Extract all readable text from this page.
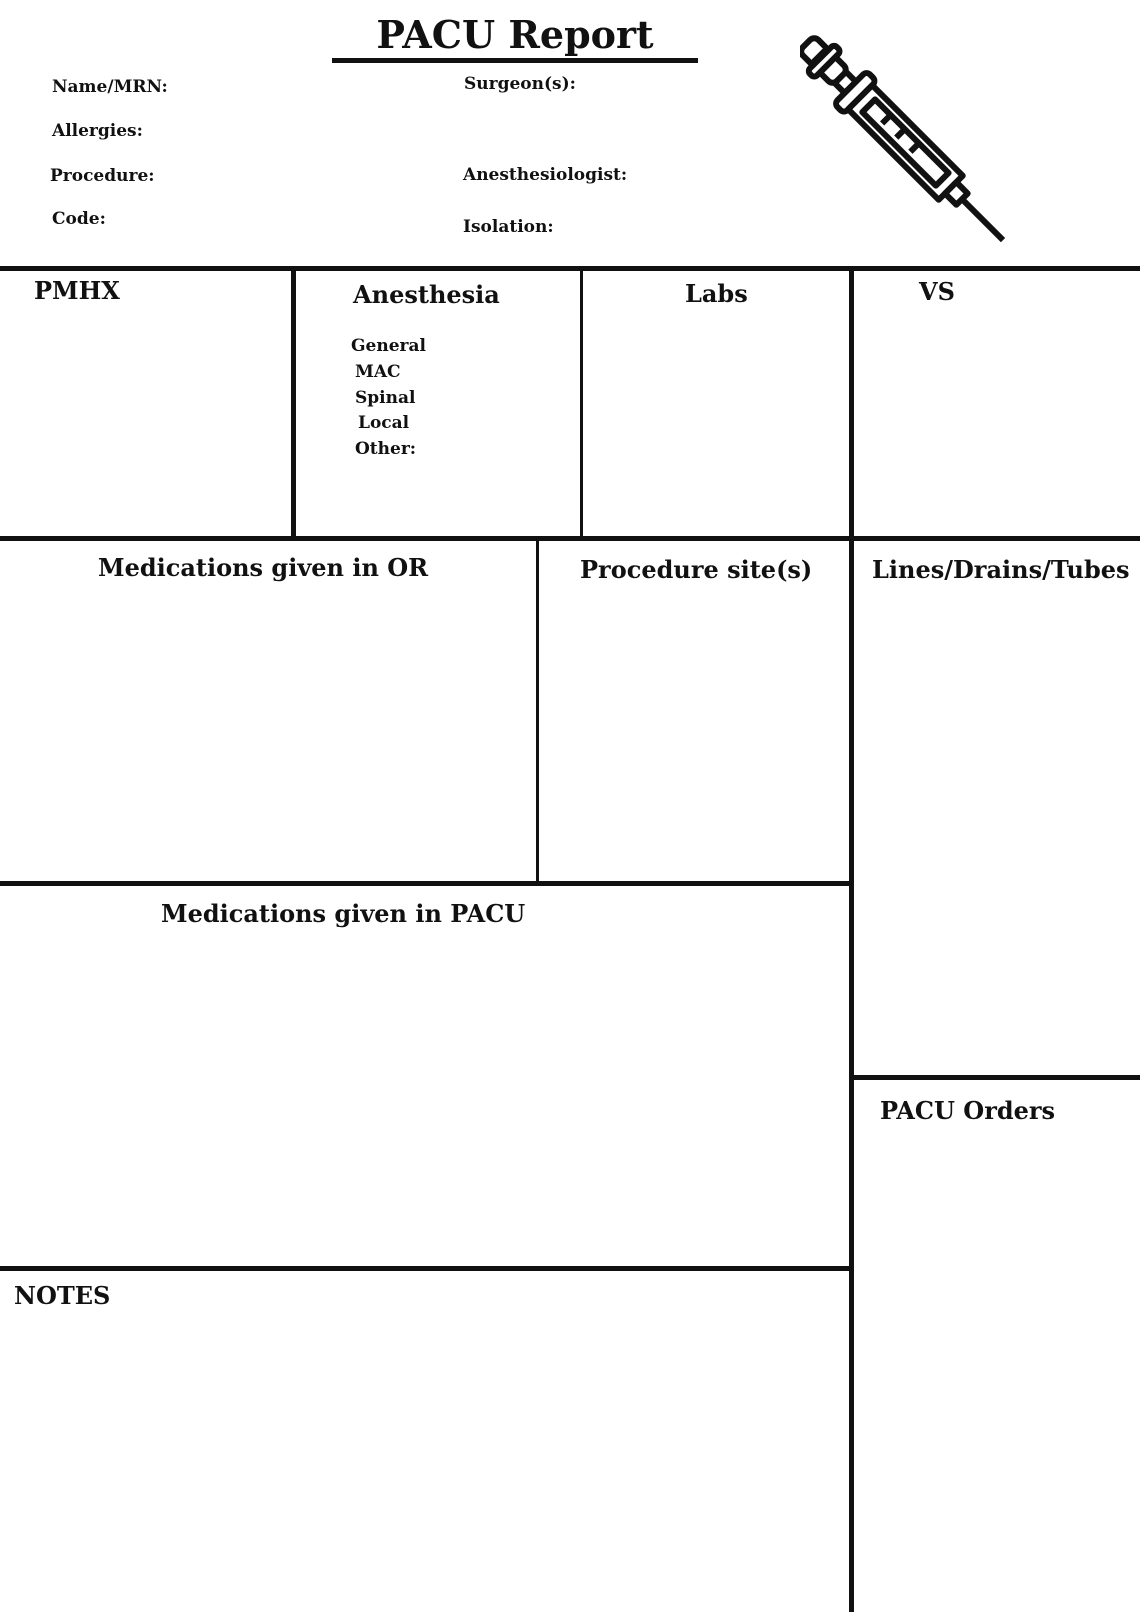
PACU Report
Name/MRN:
Allergies:
Procedure:
Code:
Surgeon(s):
Anesthesiologist:
Isolation:
PMHX	Anesthesia	Labs	VS
Medications given in OR	Procedure site(s) Lines/Drains/Tubes
Medications given in PACU
PACU Orders
NOTES
General
MAC
Spinal
Local
Other:
